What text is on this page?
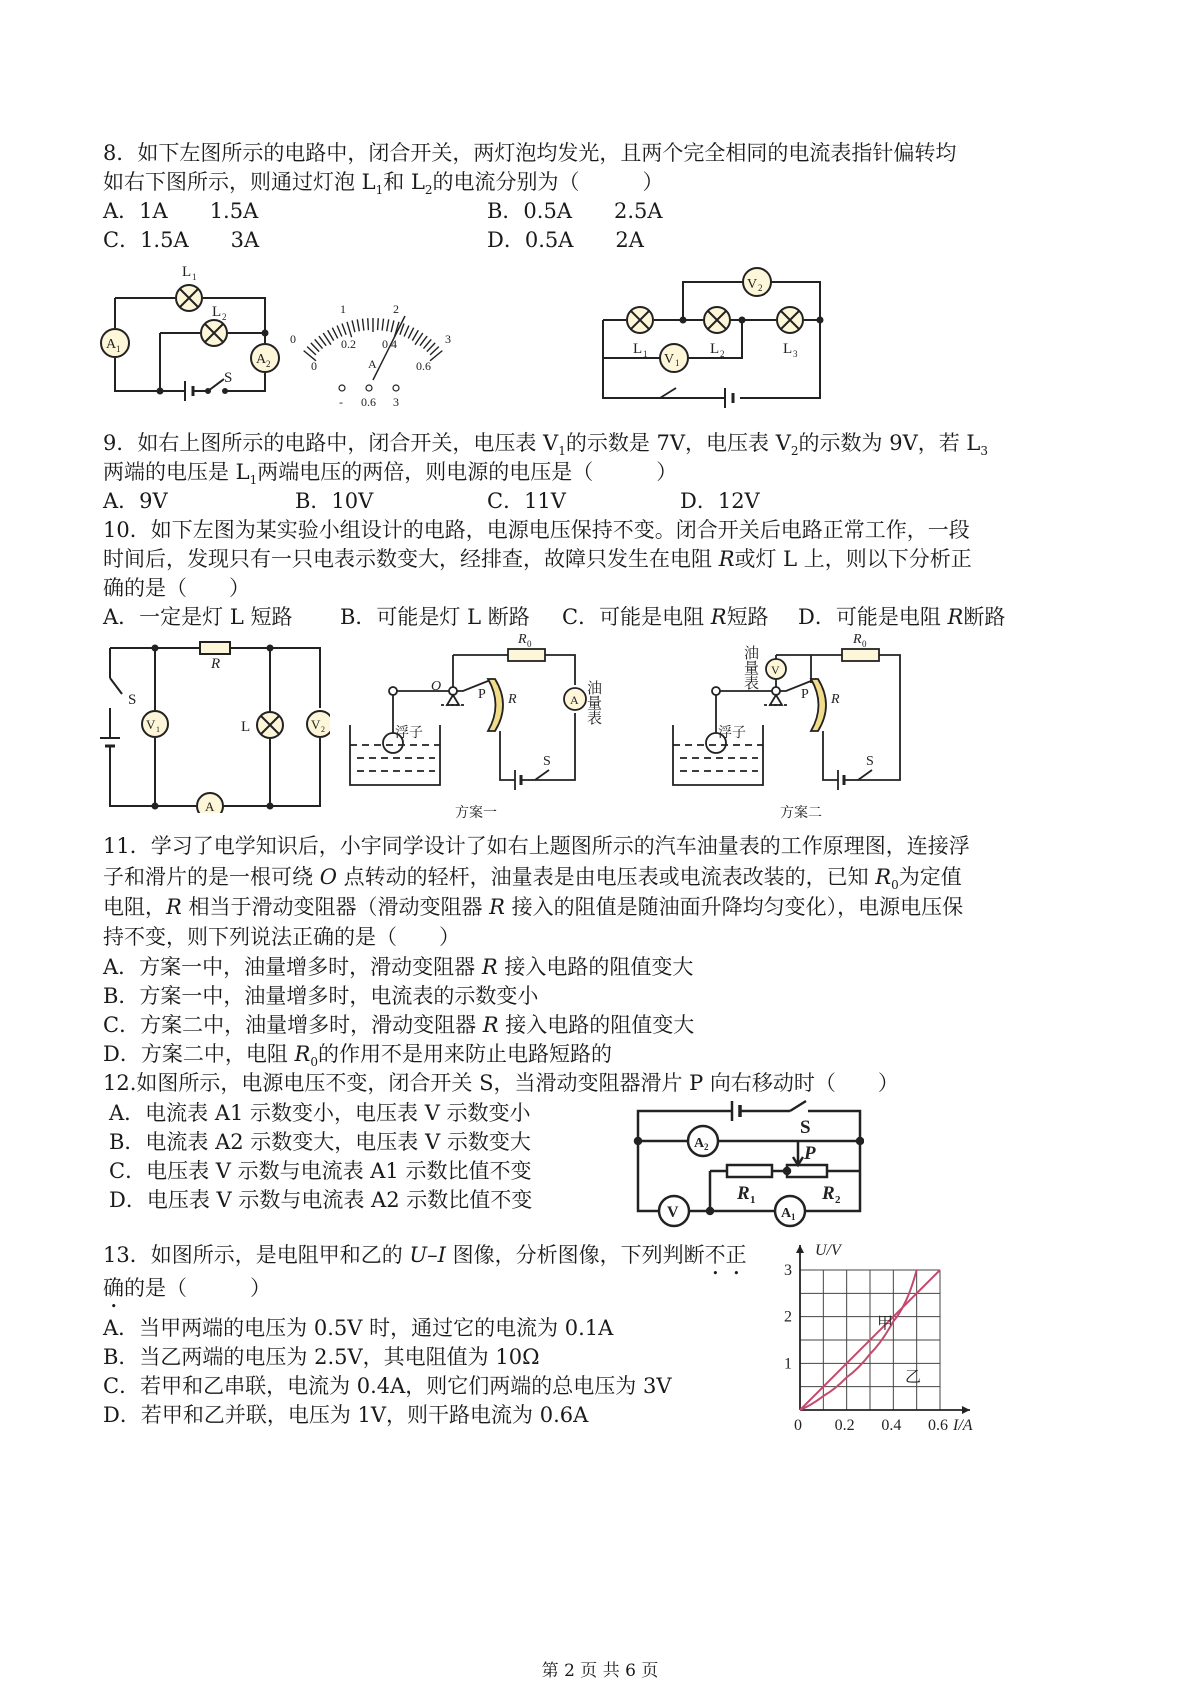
8．如下左图所示的电路中，闭合开关，两灯泡均发光，且两个完全相同的电流表指针偏转均
如右下图所示，则通过灯泡 $L_1$和 $L_2$的电流分别为（　　　）
A．1A　　1.5A	B．0.5A　　2.5A
C．1.5A　　3A	D．0.5A　　2A
L 1
L 2
A 1
A 2
S
0
1	2
3
0
0.2 0.4
0.6
A
- 0.6 3
V 2
L 1	L 2	L 3
V 1
9．如右上图所示的电路中，闭合开关，电压表 $V_1$的示数是 7V，电压表 $V_2$的示数为 9V，若 $L_3$
两端的电压是 $L_1$两端电压的两倍，则电源的电压是（　　　）
A．9V	B．10V	C．11V	D．12V
10．如下左图为某实验小组设计的电路，电源电压保持不变。闭合开关后电路正常工作，一段
时间后，发现只有一只电表示数变大，经排查，故障只发生在电阻 R或灯 L 上，则以下分析正
确的是（　　）
A．一定是灯 L 短路 B．可能是灯 L 断路 C．可能是电阻 R短路 D．可能是电阻 R断路
R
S
V 1	L	V 2
A
R 0
O
P R	A
浮子
S
方案一
油量表
R 0
V
P R
浮子
S
方案二
油量表
11．学习了电学知识后，小宇同学设计了如右上题图所示的汽车油量表的工作原理图，连接浮
子和滑片的是一根可绕 O 点转动的轻杆，油量表是由电压表或电流表改装的，已知 $R_0$为定值
电阻，R 相当于滑动变阻器（滑动变阻器 R 接入的阻值是随油面升降均匀变化），电源电压保
持不变，则下列说法正确的是（　　）
A．方案一中，油量增多时，滑动变阻器 R 接入电路的阻值变大
B．方案一中，油量增多时，电流表的示数变小
C．方案二中，油量增多时，滑动变阻器 R 接入电路的阻值变大
D．方案二中，电阻 $R_0$的作用不是用来防止电路短路的
12.如图所示，电源电压不变，闭合开关 S，当滑动变阻器滑片 P 向右移动时（　　）
A．电流表 A1 示数变小，电压表 V 示数变小
B．电流表 A2 示数变大，电压表 V 示数变大
C．电压表 V 示数与电流表 A1 示数比值不变
D．电压表 V 示数与电流表 A2 示数比值不变
S
A 2	P
R 1	R 2
V	A 1
13．如图所示，是电阻甲和乙的 U–I 图像，分析图像，下列判断不正
确的是（　　　）
A．当甲两端的电压为 0.5V 时，通过它的电流为 0.1A
B．当乙两端的电压为 2.5V，其电阻值为 10Ω
C．若甲和乙串联，电流为 0.4A，则它们两端的总电压为 3V
D．若甲和乙并联，电压为 1V，则干路电流为 0.6A	0 0.2 0.4 0.6
1
2
3
甲
乙
U/V
I/A
第 2 页 共 6 页
